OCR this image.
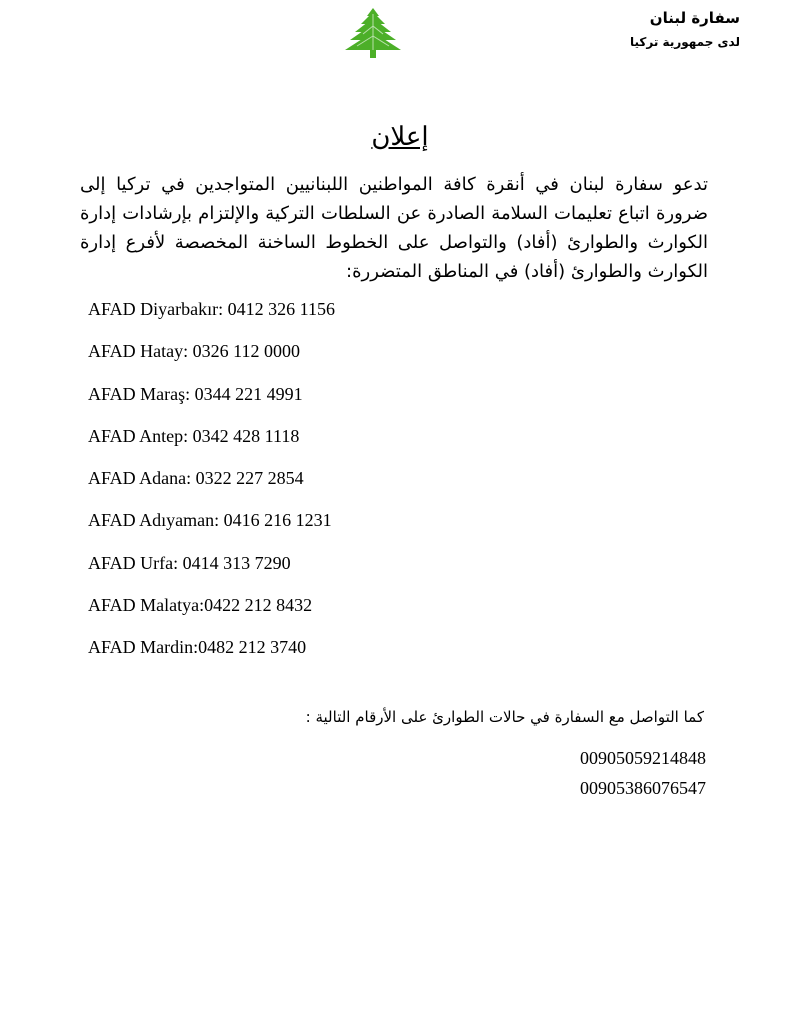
سفارة لبنان
لدى جمهورية تركيا
إعلان
تدعو سفارة لبنان في أنقرة كافة المواطنين اللبنانيين المتواجدين في تركيا إلى ضرورة اتباع تعليمات السلامة الصادرة عن السلطات التركية والإلتزام بإرشادات إدارة الكوارث والطوارئ (أفاد) والتواصل على الخطوط الساخنة المخصصة لأفرع إدارة الكوارث والطوارئ (أفاد) في المناطق المتضررة:
AFAD Diyarbakır: 0412 326 1156
AFAD Hatay: 0326 112 0000
AFAD Maraş: 0344 221 4991
AFAD Antep: 0342 428 1118
AFAD Adana: 0322 227 2854
AFAD Adıyaman: 0416 216 1231
AFAD Urfa: 0414 313 7290
AFAD Malatya:0422 212 8432
AFAD Mardin:0482 212 3740
كما التواصل مع السفارة في حالات الطوارئ على الأرقام التالية :
00905059214848
00905386076547
